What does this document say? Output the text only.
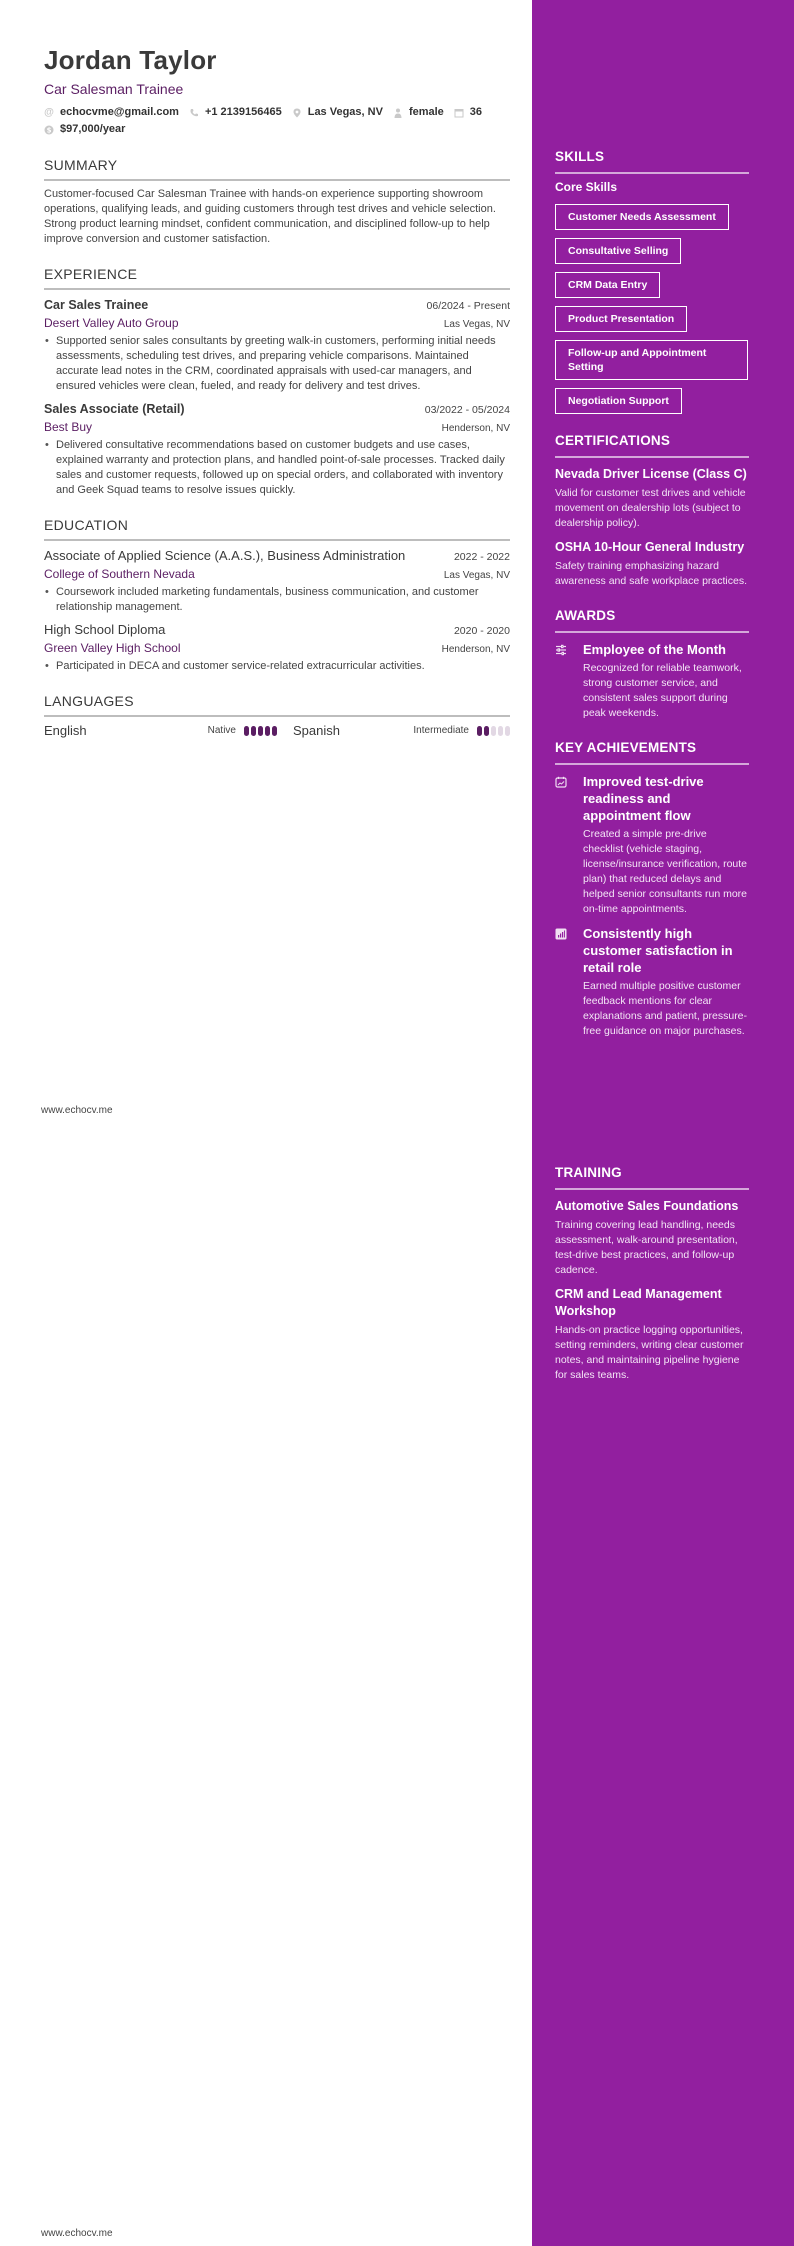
Jordan Taylor
Car Salesman Trainee
@ echocvme@gmail.com +1 2139156465 Las Vegas, NV female 36
$ $97,000/year
SUMMARY
Customer-focused Car Salesman Trainee with hands-on experience supporting showroom operations, qualifying leads, and guiding customers through test drives and vehicle selection. Strong product learning mindset, confident communication, and disciplined follow-up to help improve conversion and customer satisfaction.
EXPERIENCE
Car Sales Trainee	06/2024 - Present
Desert Valley Auto Group	Las Vegas, NV
• Supported senior sales consultants by greeting walk-in customers, performing initial needs assessments, scheduling test drives, and preparing vehicle comparisons. Maintained accurate lead notes in the CRM, coordinated appraisals with used-car managers, and ensured vehicles were clean, fueled, and ready for delivery and test drives.
Sales Associate (Retail)	03/2022 - 05/2024
Best Buy	Henderson, NV
• Delivered consultative recommendations based on customer budgets and use cases, explained warranty and protection plans, and handled point-of-sale processes. Tracked daily sales and customer requests, followed up on special orders, and collaborated with inventory and Geek Squad teams to resolve issues quickly.
EDUCATION
Associate of Applied Science (A.A.S.), Business Administration	2022 - 2022
College of Southern Nevada	Las Vegas, NV
• Coursework included marketing fundamentals, business communication, and customer relationship management.
High School Diploma	2020 - 2020
Green Valley High School	Henderson, NV
• Participated in DECA and customer service-related extracurricular activities.
LANGUAGES
English	Native	Spanish	Intermediate
www.echocv.me
www.echocv.me
SKILLS
Core Skills
Customer Needs Assessment
Consultative Selling
CRM Data Entry
Product Presentation
Follow-up and Appointment Setting
Negotiation Support
CERTIFICATIONS
Nevada Driver License (Class C)
Valid for customer test drives and vehicle movement on dealership lots (subject to dealership policy).
OSHA 10-Hour General Industry
Safety training emphasizing hazard awareness and safe workplace practices.
AWARDS
Employee of the Month
Recognized for reliable teamwork, strong customer service, and consistent sales support during peak weekends.
KEY ACHIEVEMENTS
Improved test-drive readiness and appointment flow
Created a simple pre-drive checklist (vehicle staging, license/insurance verification, route plan) that reduced delays and helped senior consultants run more on-time appointments.
Consistently high customer satisfaction in retail role
Earned multiple positive customer feedback mentions for clear explanations and patient, pressure-free guidance on major purchases.
TRAINING
Automotive Sales Foundations
Training covering lead handling, needs assessment, walk-around presentation, test-drive best practices, and follow-up cadence.
CRM and Lead Management Workshop
Hands-on practice logging opportunities, setting reminders, writing clear customer notes, and maintaining pipeline hygiene for sales teams.
